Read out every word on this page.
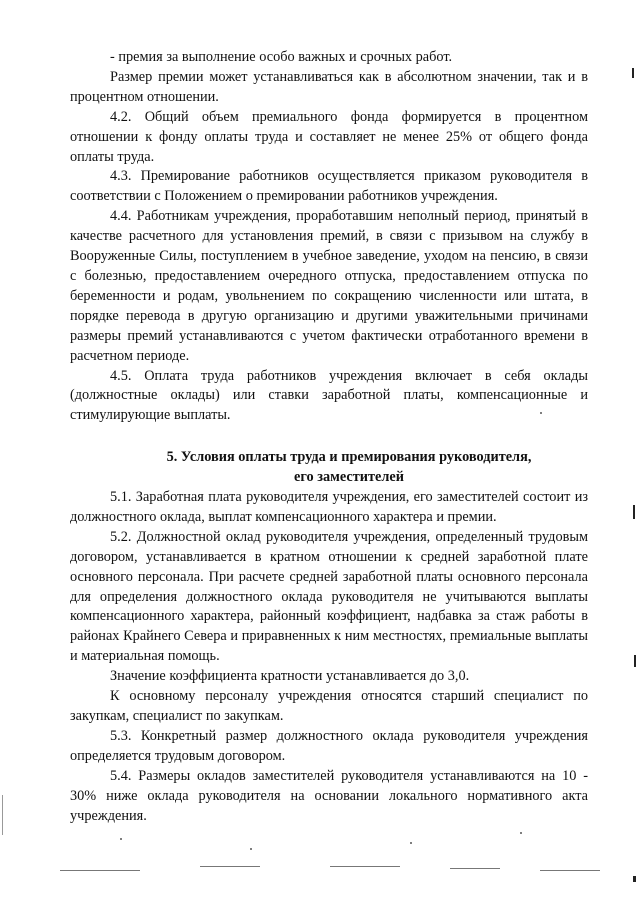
- премия за выполнение особо важных и срочных работ.

Размер премии может устанавливаться как в абсолютном значении, так и в процентном отношении.

4.2. Общий объем премиального фонда формируется в процентном отношении к фонду оплаты труда и составляет не менее 25% от общего фонда оплаты труда.

4.3. Премирование работников осуществляется приказом руководителя в соответствии с Положением о премировании работников учреждения.

4.4. Работникам учреждения, проработавшим неполный период, принятый в качестве расчетного для установления премий, в связи с призывом на службу в Вооруженные Силы, поступлением в учебное заведение, уходом на пенсию, в связи с болезнью, предоставлением очередного отпуска, предоставлением отпуска по беременности и родам, увольнением по сокращению численности или штата, в порядке перевода в другую организацию и другими уважительными причинами размеры премий устанавливаются с учетом фактически отработанного времени в расчетном периоде.

4.5. Оплата труда работников учреждения включает в себя оклады (должностные оклады) или ставки заработной платы, компенсационные и стимулирующие выплаты.

5. Условия оплаты труда и премирования руководителя,

его заместителей

5.1. Заработная плата руководителя учреждения, его заместителей состоит из должностного оклада, выплат компенсационного характера и премии.

5.2. Должностной оклад руководителя учреждения, определенный трудовым договором, устанавливается в кратном отношении к средней заработной плате основного персонала. При расчете средней заработной платы основного персонала для определения должностного оклада руководителя не учитываются выплаты компенсационного характера, районный коэффициент, надбавка за стаж работы в районах Крайнего Севера и приравненных к ним местностях, премиальные выплаты и материальная помощь.

Значение коэффициента кратности устанавливается до 3,0.

К основному персоналу учреждения относятся старший специалист по закупкам, специалист по закупкам.

5.3. Конкретный размер должностного оклада руководителя учреждения определяется трудовым договором.

5.4. Размеры окладов заместителей руководителя устанавливаются на 10 - 30% ниже оклада руководителя на основании локального нормативного акта учреждения.
